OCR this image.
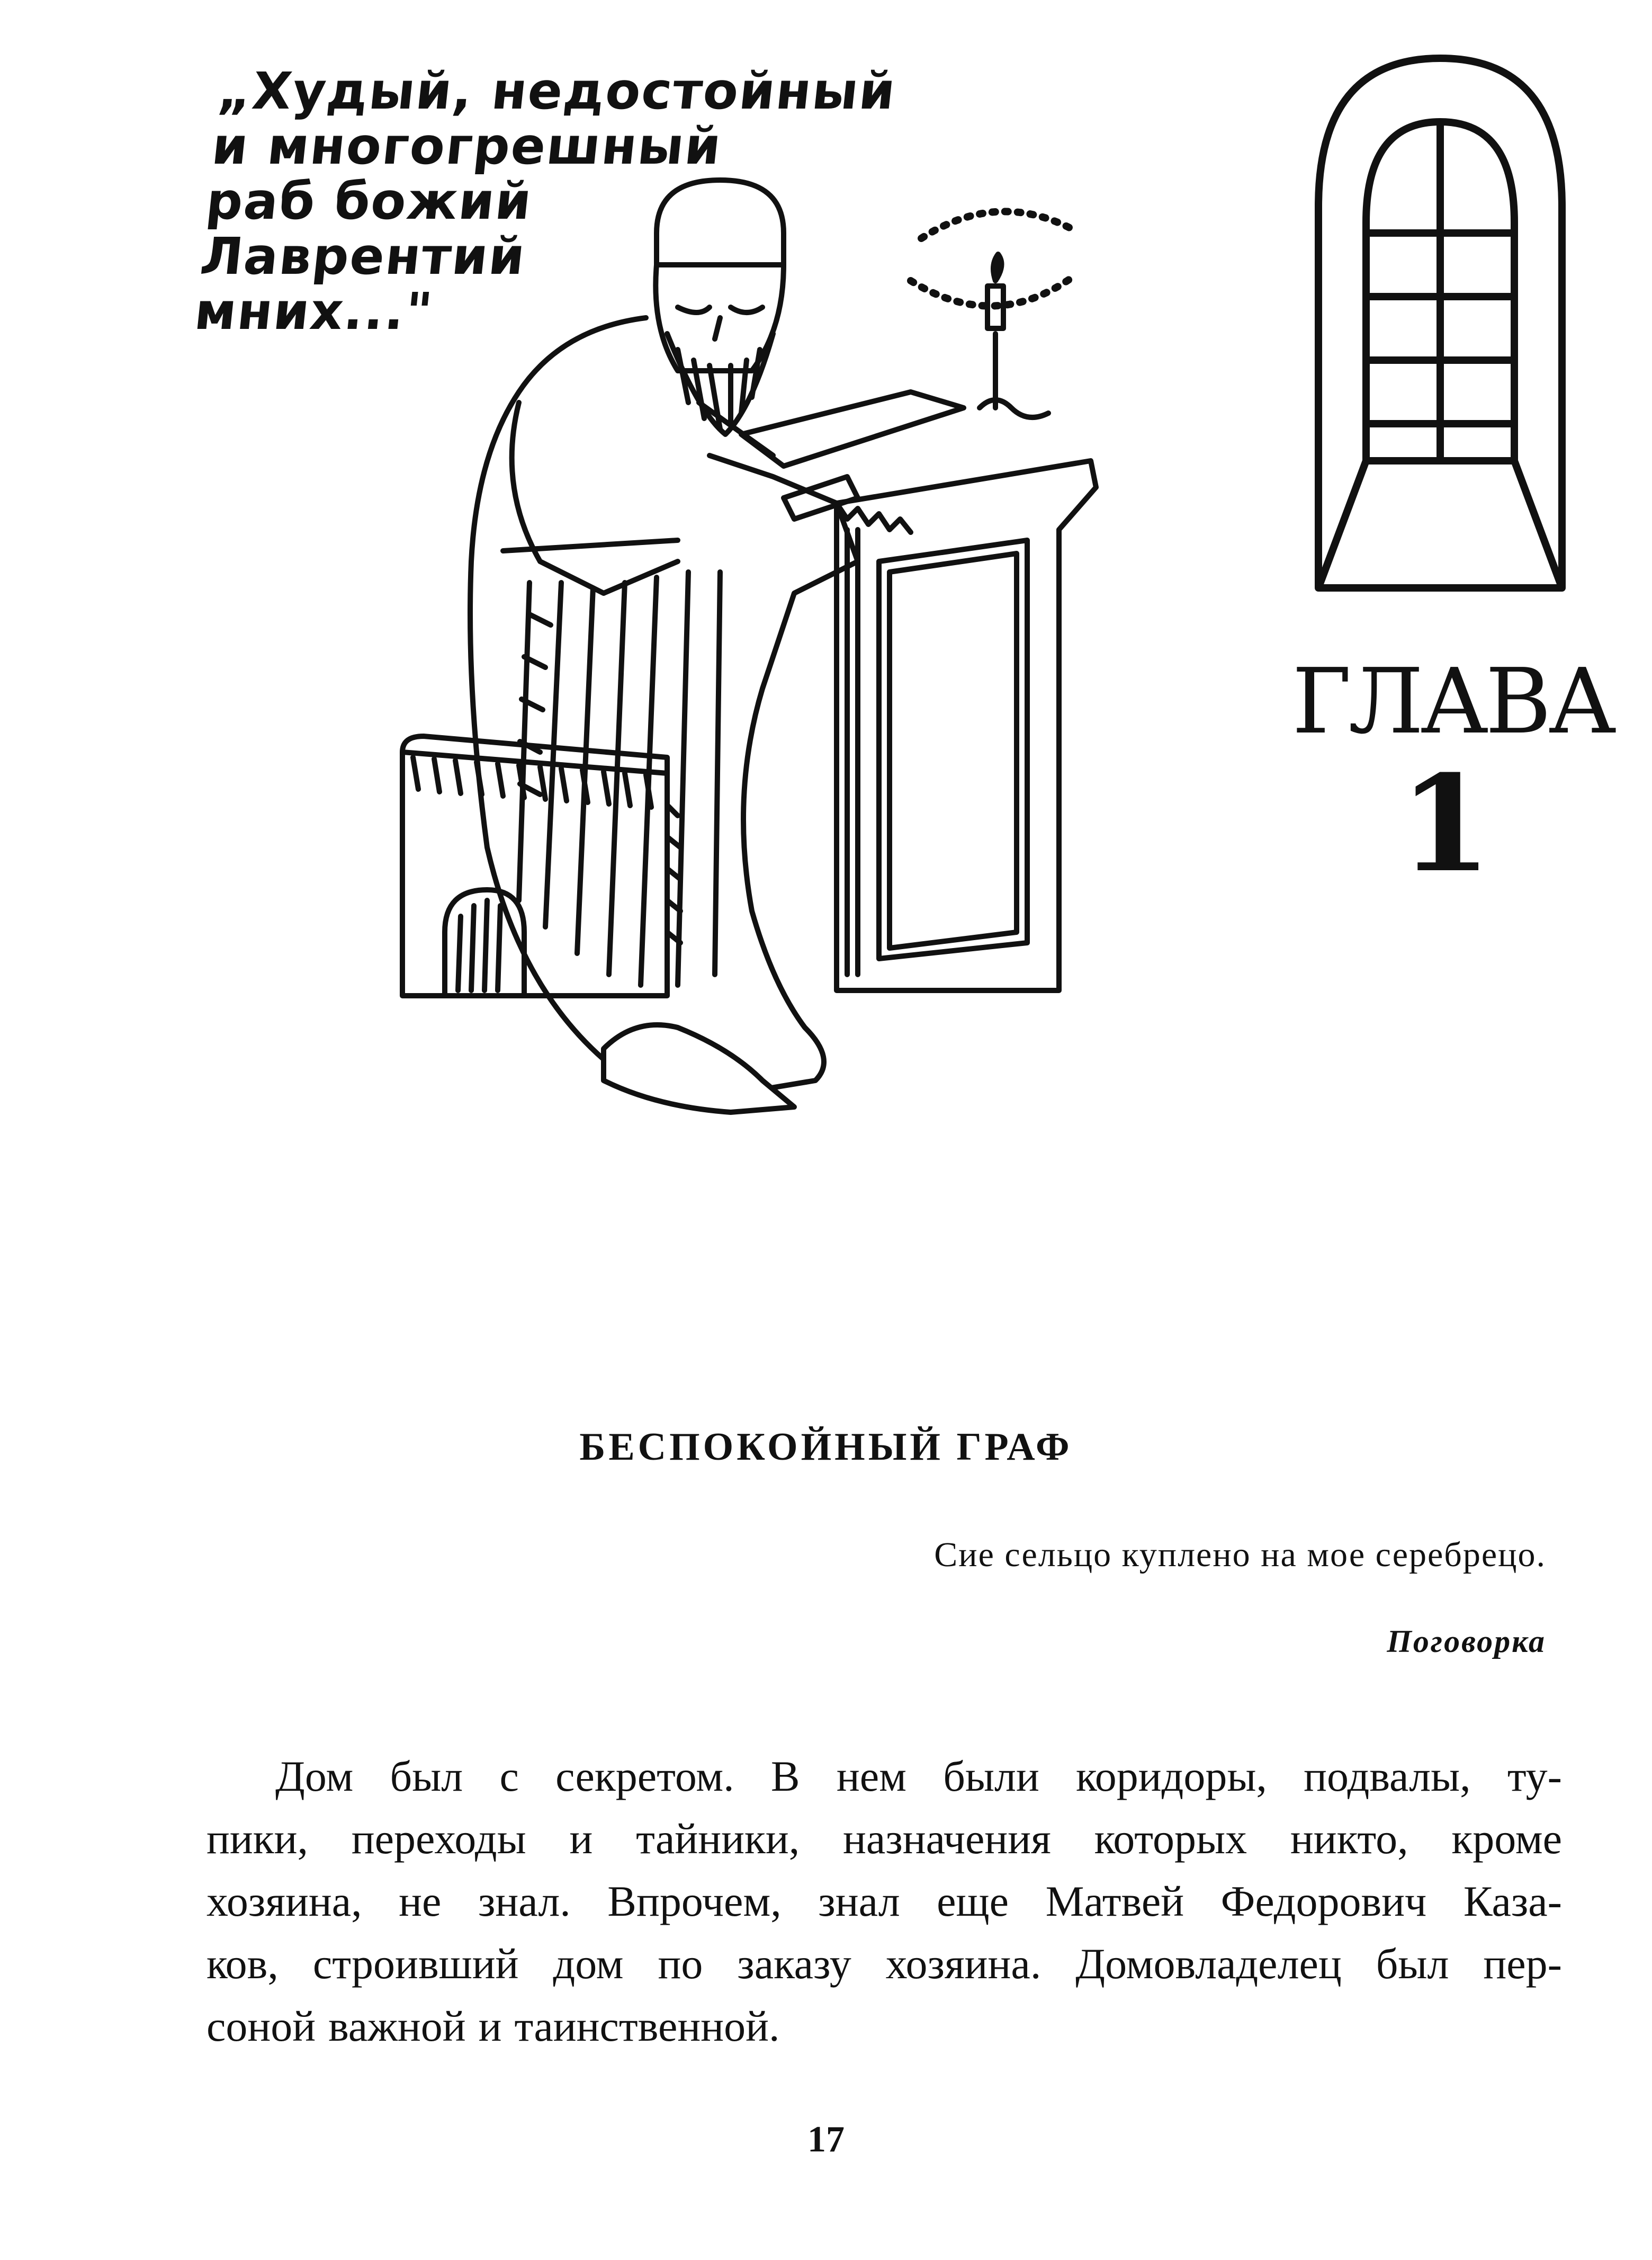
„Худый, недостойный
и многогрешный
раб божий
Лаврентий
мних..."
ГЛАВА
1
БЕСПОКОЙНЫЙ ГРАФ
Сие сельцо куплено на мое серебрецо.
Поговорка
Дом был с секретом. В нем были коридоры, подвалы, ту-
пики, переходы и тайники, назначения которых никто, кроме
хозяина, не знал. Впрочем, знал еще Матвей Федорович Каза-
ков, строивший дом по заказу хозяина. Домовладелец был пер-
соной важной и таинственной.
17
